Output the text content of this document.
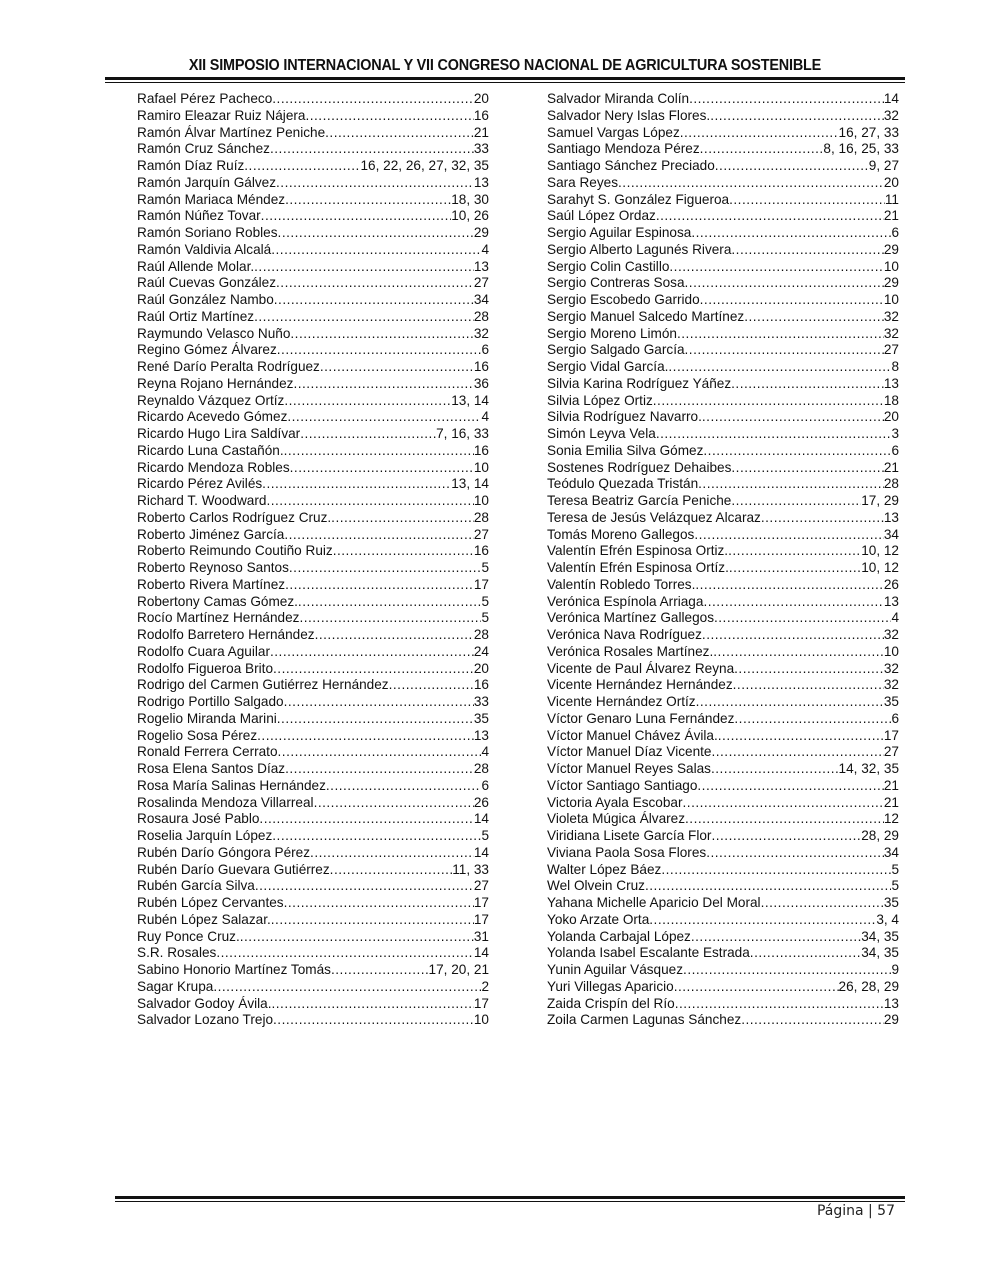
XII SIMPOSIO INTERNACIONAL Y VII CONGRESO NACIONAL DE AGRICULTURA SOSTENIBLE
Rafael Pérez Pacheco .....	20
Ramiro Eleazar Ruiz Nájera .....	16
Ramón Álvar Martínez Peniche .....	21
Ramón Cruz Sánchez .....	33
Ramón Díaz Ruíz .....	16, 22, 26, 27, 32, 35
Ramón Jarquín Gálvez .....	13
Ramón Mariaca Méndez .....	18, 30
Ramón Núñez Tovar .....	10, 26
Ramón Soriano Robles .....	29
Ramón Valdivia Alcalá .....	4
Raúl Allende Molar. .....	13
Raúl Cuevas González .....	27
Raúl González Nambo .....	34
Raúl Ortiz Martínez .....	28
Raymundo Velasco Nuño .....	32
Regino Gómez Álvarez .....	6
René Darío Peralta Rodríguez .....	16
Reyna Rojano Hernández .....	36
Reynaldo Vázquez Ortíz .....	13, 14
Ricardo Acevedo Gómez .....	4
Ricardo Hugo Lira Saldívar .....	7, 16, 33
Ricardo Luna Castañón. .....	16
Ricardo Mendoza Robles .....	10
Ricardo Pérez Avilés .....	13, 14
Richard T. Woodward .....	10
Roberto Carlos Rodríguez Cruz. .....	28
Roberto Jiménez García .....	27
Roberto Reimundo Coutiño Ruiz .....	16
Roberto Reynoso Santos .....	5
Roberto Rivera Martínez .....	17
Robertony Camas Gómez. .....	5
Rocío Martínez Hernández .....	5
Rodolfo Barretero Hernández .....	28
Rodolfo Cuara Aguilar .....	24
Rodolfo Figueroa Brito .....	20
Rodrigo del Carmen Gutiérrez Hernández .....	16
Rodrigo Portillo Salgado .....	33
Rogelio Miranda Marini .....	35
Rogelio Sosa Pérez .....	13
Ronald Ferrera Cerrato .....	4
Rosa Elena Santos Díaz .....	28
Rosa María Salinas Hernández .....	6
Rosalinda Mendoza Villarreal .....	26
Rosaura José Pablo .....	14
Roselia Jarquín López .....	5
Rubén Darío Góngora Pérez .....	14
Rubén Darío Guevara Gutiérrez .....	11, 33
Rubén García Silva .....	27
Rubén López Cervantes .....	17
Rubén López Salazar. .....	17
Ruy Ponce Cruz. .....	31
S.R. Rosales .....	14
Sabino Honorio Martínez Tomás .....	17, 20, 21
Sagar Krupa .....	2
Salvador Godoy Ávila. .....	17
Salvador Lozano Trejo .....	10
Salvador Miranda Colín .....	14
Salvador Nery Islas Flores. .....	32
Samuel Vargas López .....	16, 27, 33
Santiago Mendoza Pérez .....	8, 16, 25, 33
Santiago Sánchez Preciado .....	9, 27
Sara Reyes .....	20
Sarahyt S. González Figueroa .....	11
Saúl López Ordaz .....	21
Sergio Aguilar Espinosa .....	6
Sergio Alberto Lagunés Rivera .....	29
Sergio Colin Castillo .....	10
Sergio Contreras Sosa .....	29
Sergio Escobedo Garrido .....	10
Sergio Manuel Salcedo Martínez .....	32
Sergio Moreno Limón .....	32
Sergio Salgado García .....	27
Sergio Vidal García. .....	8
Silvia Karina Rodríguez Yáñez .....	13
Silvia López Ortiz .....	18
Silvia Rodríguez Navarro. .....	20
Simón Leyva Vela .....	3
Sonia Emilia Silva Gómez .....	6
Sostenes Rodríguez Dehaibes .....	21
Teódulo Quezada Tristán .....	28
Teresa Beatriz García Peniche .....	17, 29
Teresa de Jesús Velázquez Alcaraz .....	13
Tomás Moreno Gallegos .....	34
Valentín Efrén Espinosa Ortiz. .....	10, 12
Valentín Efrén Espinosa Ortíz. .....	10, 12
Valentín Robledo Torres. .....	26
Verónica Espínola Arriaga .....	13
Verónica Martínez Gallegos .....	4
Verónica Nava Rodríguez .....	32
Verónica Rosales Martínez. .....	10
Vicente de Paul Álvarez Reyna .....	32
Vicente Hernández Hernández .....	32
Vicente Hernández Ortíz .....	35
Víctor Genaro Luna Fernández .....	6
Víctor Manuel Chávez Ávila. .....	17
Víctor Manuel Díaz Vicente .....	27
Víctor Manuel Reyes Salas .....	14, 32, 35
Víctor Santiago Santiago .....	21
Victoria Ayala Escobar .....	21
Violeta Múgica Álvarez .....	12
Viridiana Lisete García Flor .....	28, 29
Viviana Paola Sosa Flores .....	34
Walter López Báez .....	5
Wel Olvein Cruz .....	5
Yahana Michelle Aparicio Del Moral .....	35
Yoko Arzate Orta .....	3, 4
Yolanda Carbajal López .....	34, 35
Yolanda Isabel Escalante Estrada .....	34, 35
Yunin Aguilar Vásquez .....	9
Yuri Villegas Aparicio .....	26, 28, 29
Zaida Crispín del Río .....	13
Zoila Carmen Lagunas Sánchez .....	29
Página | 57
